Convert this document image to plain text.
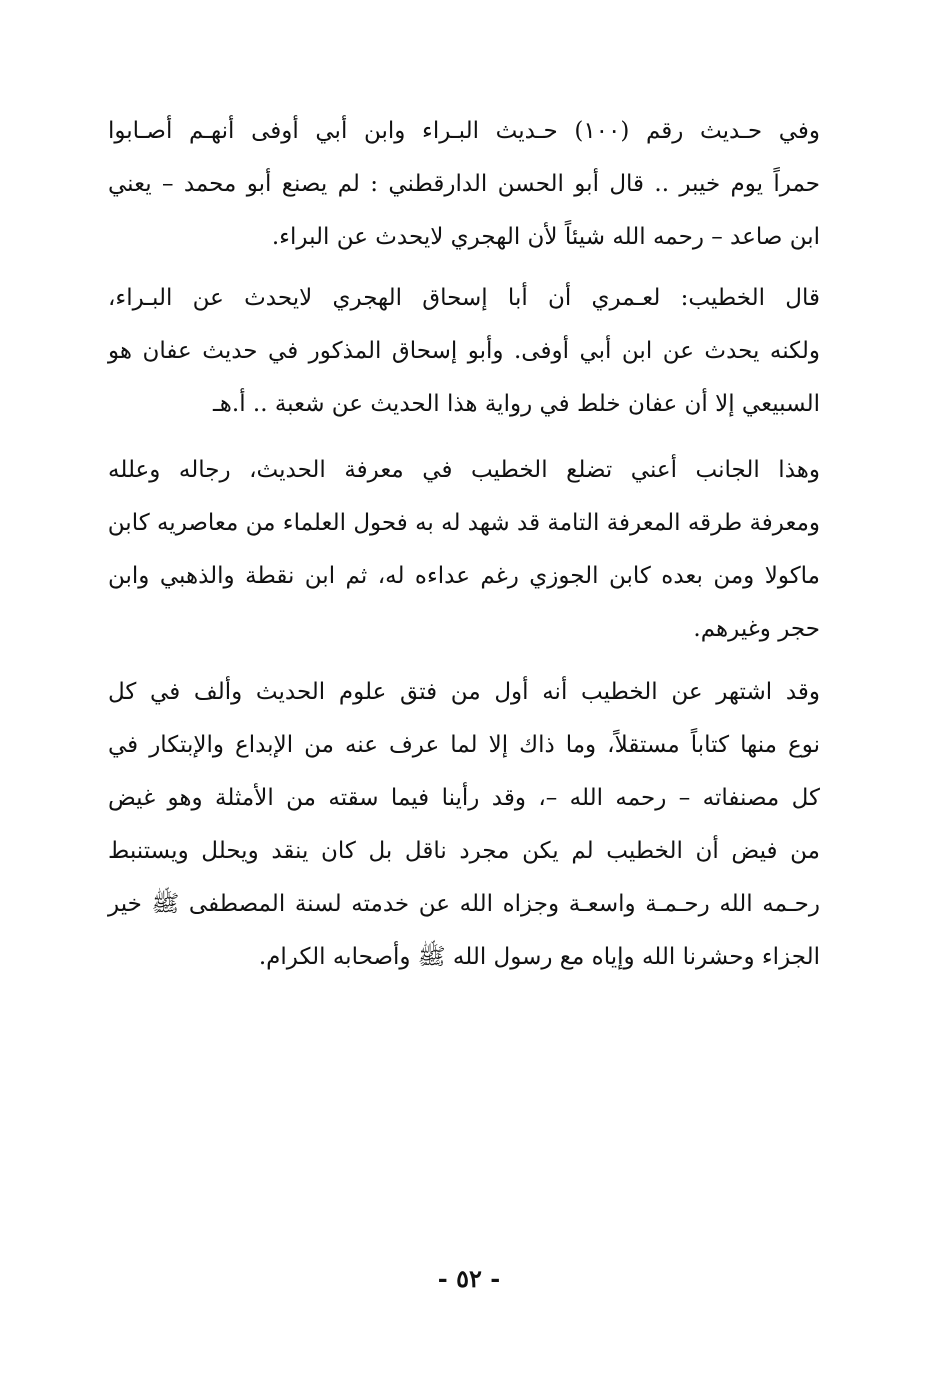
وفي حـديث رقم (١٠٠) حـديث البـراء وابن أبي أوفى أنهـم أصـابوا
حمراً يوم خيبر .. قال أبو الحسن الدارقطني : لم يصنع أبو محمد – يعني
ابن صاعد – رحمه الله شيئاً لأن الهجري لايحدث عن البراء.
قال الخطيب: لعـمري أن أبا إسحاق الهجري لايحدث عن البـراء،
ولكنه يحدث عن ابن أبي أوفى. وأبو إسحاق المذكور في حديث عفان هو
السبيعي إلا أن عفان خلط في رواية هذا الحديث عن شعبة .. أ.هـ
وهذا الجانب أعني تضلع الخطيب في معرفة الحديث، رجاله وعلله
ومعرفة طرقه المعرفة التامة قد شهد له به فحول العلماء من معاصريه كابن
ماكولا ومن بعده كابن الجوزي رغم عداءه له، ثم ابن نقطة والذهبي وابن
حجر وغيرهم.
وقد اشتهر عن الخطيب أنه أول من فتق علوم الحديث وألف في كل
نوع منها كتاباً مستقلاً، وما ذاك إلا لما عرف عنه من الإبداع والإبتكار في
كل مصنفاته – رحمه الله –، وقد رأينا فيما سقته من الأمثلة وهو غيض
من فيض أن الخطيب لم يكن مجرد ناقل بل كان ينقد ويحلل ويستنبط
رحـمه الله رحـمـة واسعـة وجزاه الله عن خدمته لسنة المصطفى ﷺ خير
الجزاء وحشرنا الله وإياه مع رسول الله ﷺ وأصحابه الكرام.
- ٥٢ -
